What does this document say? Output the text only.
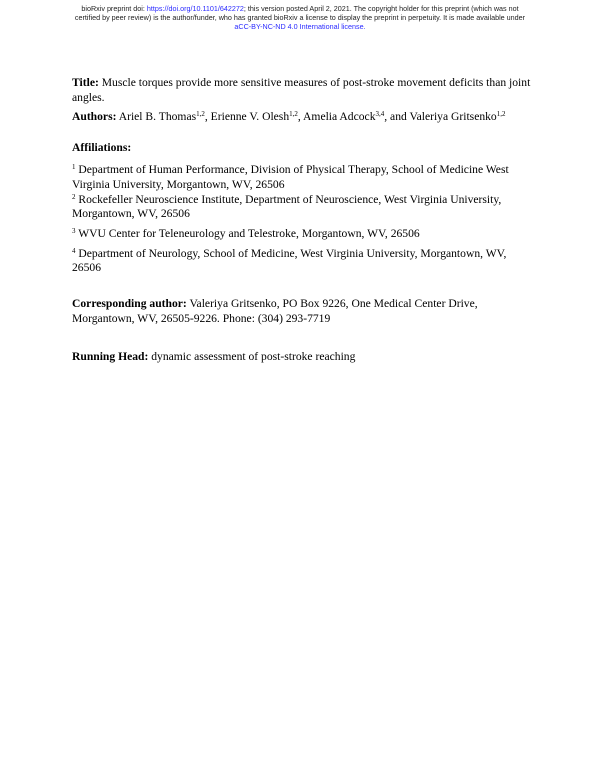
bioRxiv preprint doi: https://doi.org/10.1101/642272; this version posted April 2, 2021. The copyright holder for this preprint (which was not
certified by peer review) is the author/funder, who has granted bioRxiv a license to display the preprint in perpetuity. It is made available under
aCC-BY-NC-ND 4.0 International license.
Title: Muscle torques provide more sensitive measures of post-stroke movement deficits than joint
angles.
Authors: Ariel B. Thomas$^{1,2}$, Erienne V. Olesh$^{1,2}$, Amelia Adcock$^{3,4}$, and Valeriya Gritsenko$^{1,2}$
Affiliations:
$^1$ Department of Human Performance, Division of Physical Therapy, School of Medicine West
Virginia University, Morgantown, WV, 26506
$^2$ Rockefeller Neuroscience Institute, Department of Neuroscience, West Virginia University,
Morgantown, WV, 26506
$^3$ WVU Center for Teleneurology and Telestroke, Morgantown, WV, 26506
$^4$ Department of Neurology, School of Medicine, West Virginia University, Morgantown, WV,
26506
Corresponding author: Valeriya Gritsenko, PO Box 9226, One Medical Center Drive,
Morgantown, WV, 26505-9226. Phone: (304) 293-7719
Running Head: dynamic assessment of post-stroke reaching
